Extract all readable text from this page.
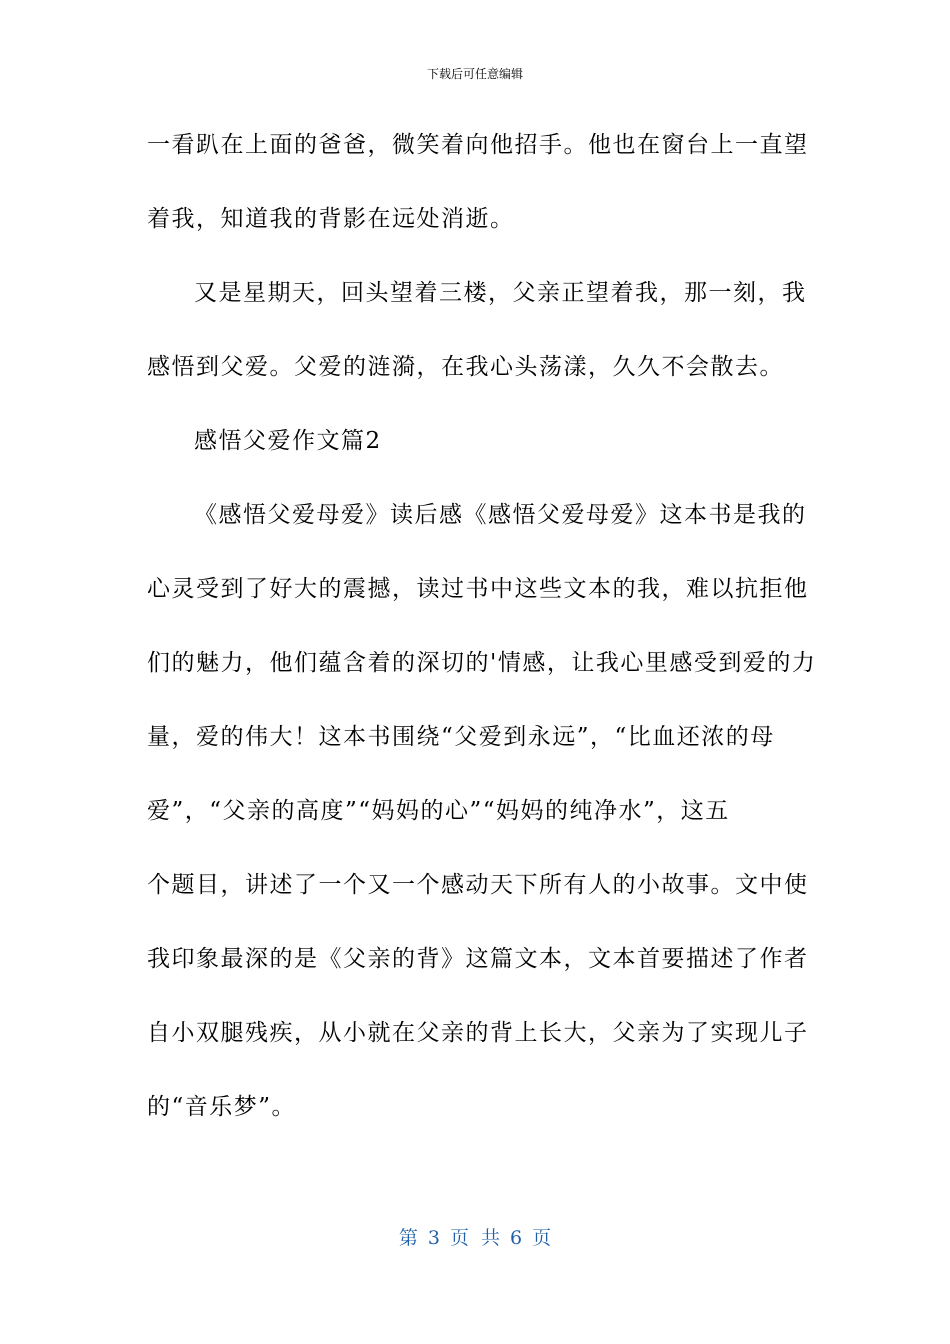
下载后可任意编辑
一看趴在上面的爸爸，微笑着向他招手。他也在窗台上一直望
着我，知道我的背影在远处消逝。
又是星期天，回头望着三楼，父亲正望着我，那一刻，我
感悟到父爱。父爱的涟漪，在我心头荡漾，久久不会散去。
感悟父爱作文篇2
《感悟父爱母爱》读后感《感悟父爱母爱》这本书是我的
心灵受到了好大的震撼，读过书中这些文本的我，难以抗拒他
们的魅力，他们蕴含着的深切的'情感，让我心里感受到爱的力
量，爱的伟大！这本书围绕“父爱到永远”，“比血还浓的母
爱”，“父亲的高度”“妈妈的心”“妈妈的纯净水”，这五
个题目，讲述了一个又一个感动天下所有人的小故事。文中使
我印象最深的是《父亲的背》这篇文本，文本首要描述了作者
自小双腿残疾，从小就在父亲的背上长大，父亲为了实现儿子
的“音乐梦”。
第 3 页 共 6 页
